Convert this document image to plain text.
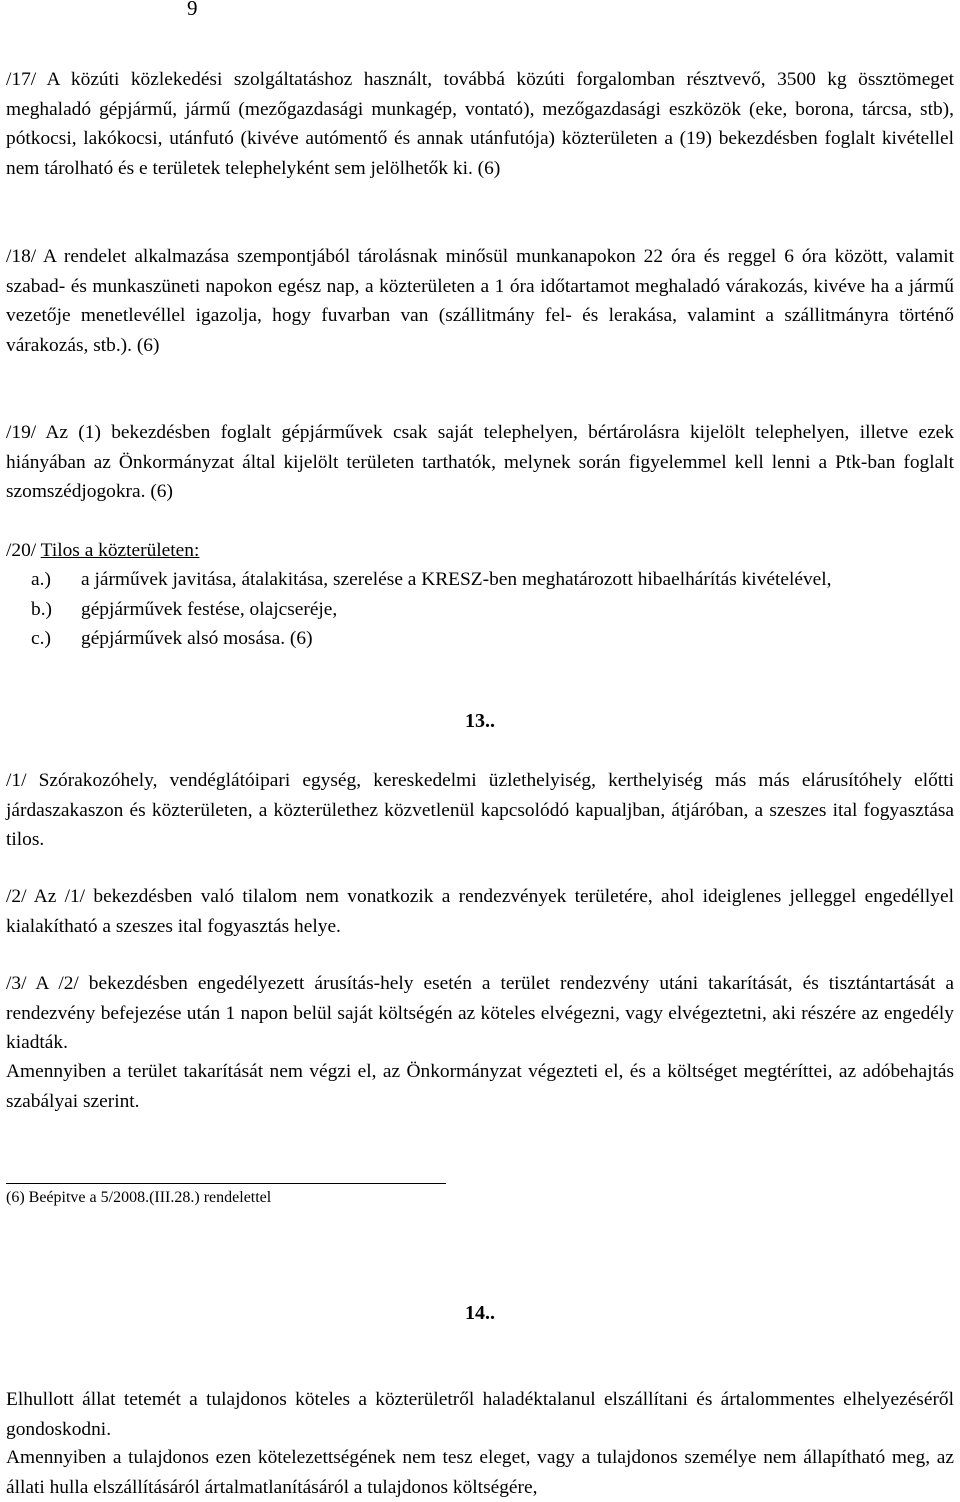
9

/17/ A közúti közlekedési szolgáltatáshoz használt, továbbá közúti forgalomban résztvevő, 3500 kg össztömeget meghaladó gépjármű, jármű (mezőgazdasági munkagép, vontató), mezőgazdasági eszközök (eke, borona, tárcsa, stb), pótkocsi, lakókocsi, utánfutó (kivéve autómentő és annak utánfutója) közterületen a (19) bekezdésben foglalt kivétellel nem tárolható és e területek telephelyként sem jelölhetők ki. (6)

/18/ A rendelet alkalmazása szempontjából tárolásnak minősül munkanapokon 22 óra és reggel 6 óra között, valamit szabad- és munkaszüneti napokon egész nap, a közterületen a 1 óra időtartamot meghaladó várakozás, kivéve ha a jármű vezetője menetlevéllel igazolja, hogy fuvarban van (szállitmány fel- és lerakása, valamint a szállitmányra történő várakozás, stb.). (6)

/19/ Az (1) bekezdésben foglalt gépjárművek csak saját telephelyen, bértárolásra kijelölt telephelyen, illetve ezek hiányában az Önkormányzat által kijelölt területen tarthatók, melynek során figyelemmel kell lenni a Ptk-ban foglalt szomszédjogokra. (6)

/20/ Tilos a közterületen:
a.)	a járművek javitása, átalakitása, szerelése a KRESZ-ben meghatározott hibaelhárítás kivételével,
b.)	gépjárművek festése, olajcseréje,
c.)	gépjárművek alsó mosása. (6)
13..

/1/ Szórakozóhely, vendéglátóipari egység, kereskedelmi üzlethelyiség, kerthelyiség más más elárusítóhely előtti járdaszakaszon és közterületen, a közterülethez közvetlenül kapcsolódó kapualjban, átjáróban, a szeszes ital fogyasztása tilos.

/2/ Az /1/ bekezdésben való tilalom nem vonatkozik a rendezvények területére, ahol ideiglenes jelleggel engedéllyel kialakítható a szeszes ital fogyasztás helye.

/3/ A /2/ bekezdésben engedélyezett árusítás-hely esetén a terület rendezvény utáni takarítását, és tisztántartását a rendezvény befejezése után 1 napon belül saját költségén az köteles elvégezni, vagy elvégeztetni, aki részére az engedély kiadták.

Amennyiben a terület takarítását nem végzi el, az Önkormányzat végezteti el, és a költséget megtéríttei, az adóbehajtás szabályai szerint.

(6) Beépitve a 5/2008.(III.28.) rendelettel
14..

Elhullott állat tetemét a tulajdonos köteles a közterületről haladéktalanul elszállítani és ártalommentes elhelyezéséről gondoskodni.

Amennyiben a tulajdonos ezen kötelezettségének nem tesz eleget, vagy a tulajdonos személye nem állapítható meg, az állati hulla elszállításáról ártalmatlanításáról a tulajdonos költségére,
